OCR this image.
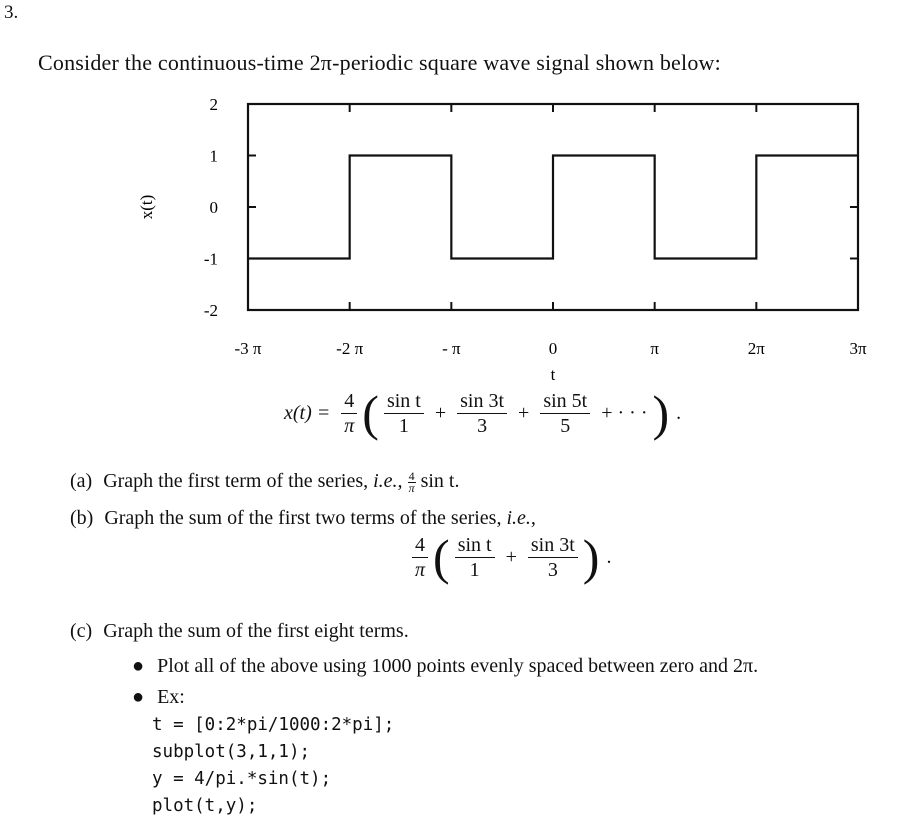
3.
Consider the continuous-time 2π-periodic square wave signal shown below:
-3 π	-2 π	- π	0	π	2π	3π
2
1
0
-1
-2
t
x(t)
$x(t) = \frac{4}{\pi}$ ( $\frac{\text{sin t}}{1} + \frac{\sin 3t}{3} + \frac{\sin 5t}{5}$ + · · · ) .
(a) Graph the first term of the series, i.e., $\frac{4}{\pi}$ sin t.
(b) Graph the sum of the first two terms of the series, i.e.,
$\frac{4}{\pi}$ ( $\frac{\text{sin t}}{1} + \frac{\sin 3t}{3}$ ) .
(c) Graph the sum of the first eight terms.
● Plot all of the above using 1000 points evenly spaced between zero and 2π.
● Ex:
t = [0:2*pi/1000:2*pi];
subplot(3,1,1);
y = 4/pi.*sin(t);
plot(t,y);
